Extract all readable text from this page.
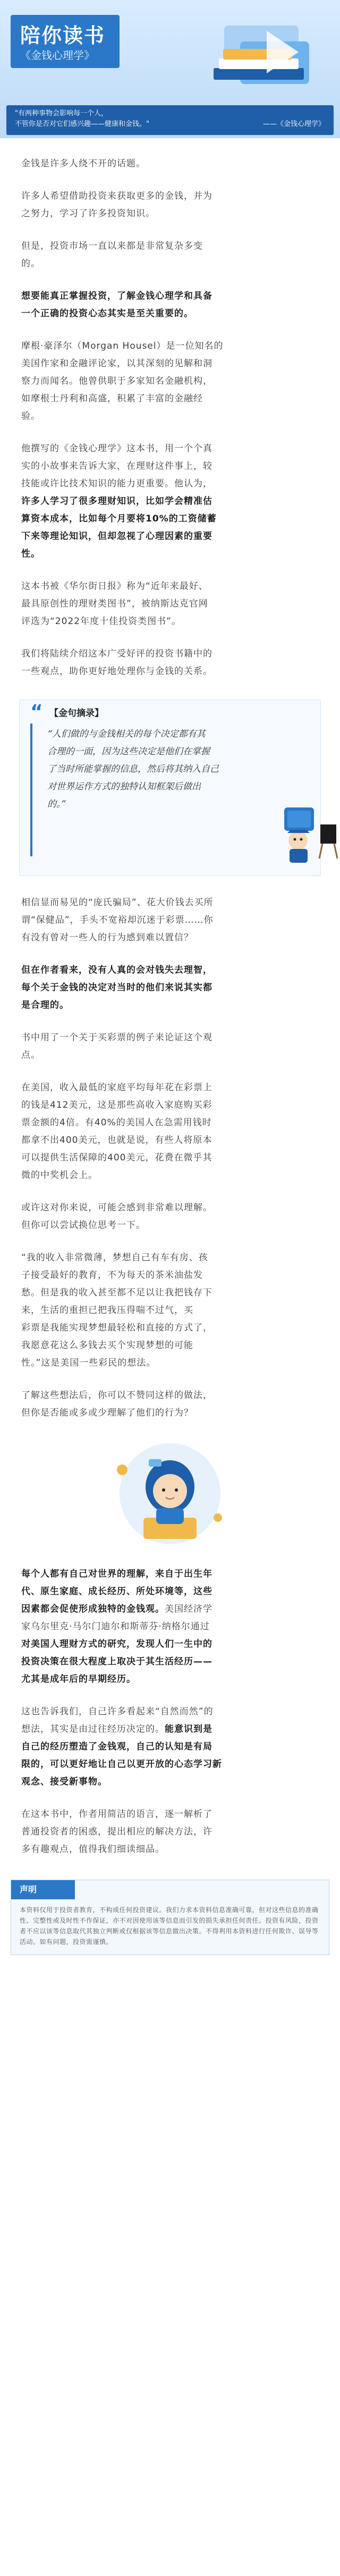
陪你读书
《金钱心理学》
"有两种事物会影响每一个人，
不管你是否对它们感兴趣——健康和金钱。"	——《金钱心理学》

金钱是许多人绕不开的话题。

许多人希望借助投资来获取更多的金钱，并为

之努力，学习了许多投资知识。

但是，投资市场一直以来都是非常复杂多变

的。

想要能真正掌握投资，了解金钱心理学和具备

一个正确的投资心态其实是至关重要的。

摩根·豪泽尔（Morgan Housel）是一位知名的

美国作家和金融评论家，以其深刻的见解和洞

察力而闻名。他曾供职于多家知名金融机构，

如摩根士丹利和高盛，积累了丰富的金融经

验。

他撰写的《金钱心理学》这本书，用一个个真

实的小故事来告诉大家，在理财这件事上，较

技能或许比技术知识的能力更重要。他认为，

许多人学习了很多理财知识，比如学会精准估

算资本成本，比如每个月要将10%的工资储蓄

下来等理论知识，但却忽视了心理因素的重要

性。

这本书被《华尔街日报》称为“近年来最好、

最具原创性的理财类图书”，被纳斯达克官网

评选为“2022年度十佳投资类图书”。

我们将陆续介绍这本广受好评的投资书籍中的

一些观点，助你更好地处理你与金钱的关系。

“ 【金句摘录】
“人们做的与金钱相关的每个决定都有其
合理的一面，因为这些决定是他们在掌握
了当时所能掌握的信息，然后将其纳入自己
对世界运作方式的独特认知框架后做出
的。”

相信显而易见的“庞氏骗局”、花大价钱去买所

谓“保健品”，手头不宽裕却沉迷于彩票……你

有没有曾对一些人的行为感到难以置信？

但在作者看来，没有人真的会对钱失去理智，

每个关于金钱的决定对当时的他们来说其实都

是合理的。

书中用了一个关于买彩票的例子来论证这个观

点。

在美国，收入最低的家庭平均每年花在彩票上

的钱是412美元，这是那些高收入家庭购买彩

票金额的4倍。有40%的美国人在急需用钱时

都拿不出400美元，也就是说，有些人将原本

可以提供生活保障的400美元，花费在微乎其

微的中奖机会上。

或许这对你来说，可能会感到非常难以理解。

但你可以尝试换位思考一下。

“我的收入非常微薄，梦想自己有车有房、孩

子接受最好的教育，不为每天的茶米油盐发

愁。但是我的收入甚至都不足以让我把钱存下

来，生活的重担已把我压得喘不过气，买

彩票是我能实现梦想最轻松和直接的方式了，

我愿意花这么多钱去买个实现梦想的可能

性。”这是美国一些彩民的想法。

了解这些想法后，你可以不赞同这样的做法，

但你是否能或多或少理解了他们的行为？

每个人都有自己对世界的理解，来自于出生年

代、原生家庭、成长经历、所处环境等，这些

因素都会促使形成独特的金钱观。美国经济学

家乌尔里克·马尔门迪尔和斯蒂芬·纳格尔通过

对美国人理财方式的研究，发现人们一生中的

投资决策在很大程度上取决于其生活经历——

尤其是成年后的早期经历。

这也告诉我们，自己许多看起来“自然而然”的

想法，其实是由过往经历决定的。能意识到是

自己的经历塑造了金钱观，自己的认知是有局

限的，可以更好地让自己以更开放的心态学习新

观念、接受新事物。

在这本书中，作者用简洁的语言，逐一解析了

普通投资者的困惑，提出相应的解决方法，许

多有趣观点，值得我们细读细品。

声明
本资料仅用于投资者教育，不构成任何投资建议。我们力求本资料信息准确可靠，但对这些信息的准确性、完整性或及时性不作保证，亦不对因使用该等信息而引发的损失承担任何责任。投资有风险，投资者不应以该等信息取代其独立判断或仅根据该等信息做出决策。不得利用本资料进行任何欺诈、误导等活动。如有问题，投资需谨慎。
